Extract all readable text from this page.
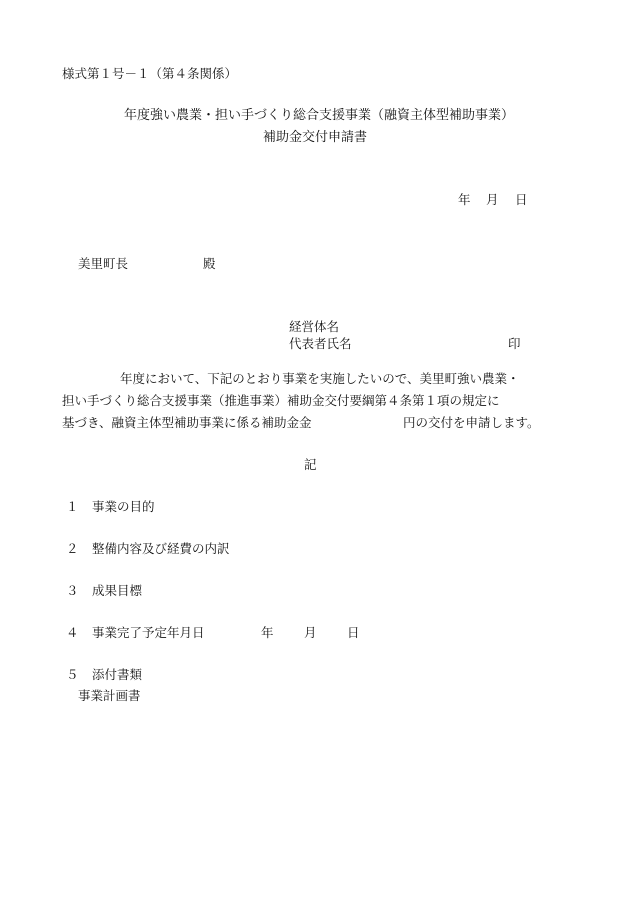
様式第１号－１（第４条関係）
年度強い農業・担い手づくり総合支援事業（融資主体型補助事業）
補助金交付申請書
年 月 日
美里町長	殿
経営体名
代表者氏名	印
年度において、下記のとおり事業を実施したいので、美里町強い農業・
担い手づくり総合支援事業（推進事業）補助金交付要綱第４条第１項の規定に
基づき、融資主体型補助事業に係る補助金金	円の交付を申請します。
記
１ 事業の目的
２ 整備内容及び経費の内訳
３ 成果目標
４ 事業完了予定年月日	年 月 日
５ 添付書類
事業計画書
